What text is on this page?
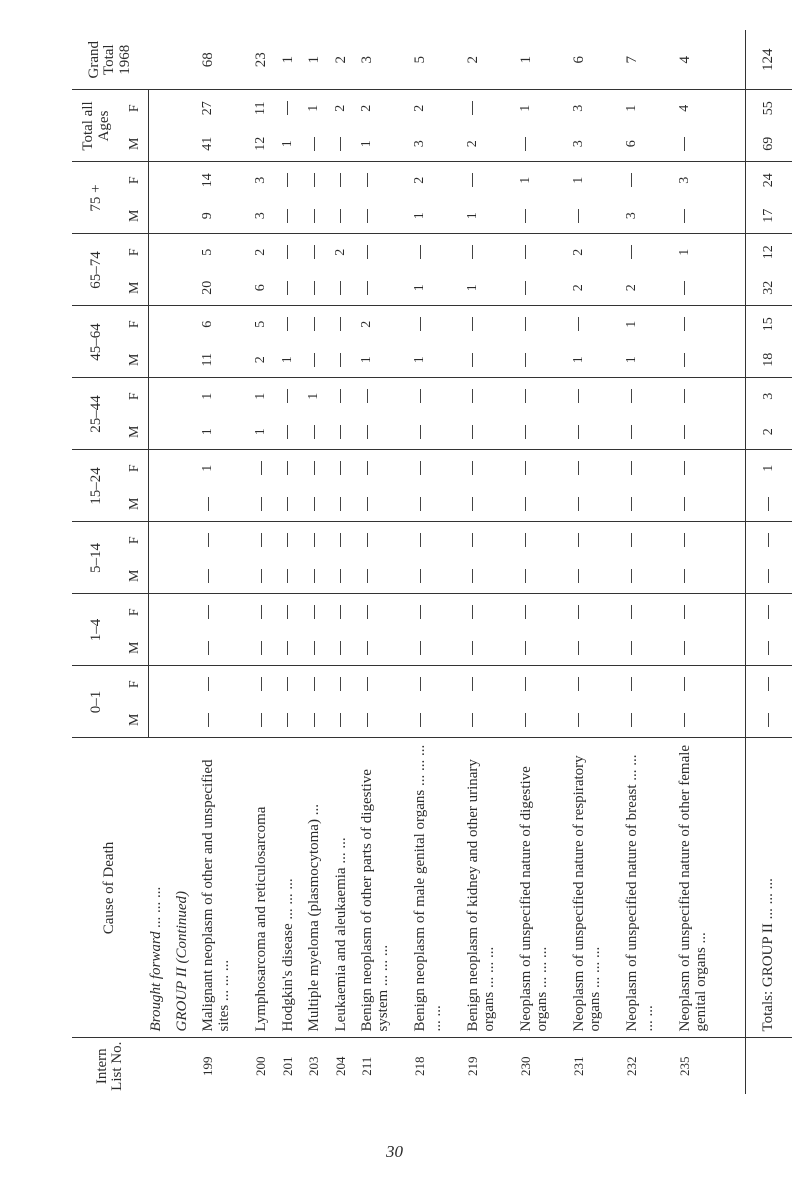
Intern List No.	Cause of Death	0–1		1–4		5–14		15–24		25–44		45–64		65–74		75 +		Total all Ages		Grand Total 1968
		M	F	M	F	M	F	M	F	M	F	M	F	M	F	M	F	M	F	
	Brought forward ... ... ...																			
	GROUP II (Continued)																			
199	Malignant neoplasm of other and unspecified sites ... ... ...								1	1	1	11	6	20	5	9	14	41	27	68
200	Lymphosarcoma and reticulosarcoma									1	1	2	5	6	2	3	3	12	11	23
201	Hodgkin's disease ... ... ...											1						1		1
203	Multiple myeloma (plasmocytoma) ...										1								1	1
204	Leukaemia and aleukaemia ... ...														2				2	2
211	Benign neoplasm of other parts of digestive system ... ... ...											1	2					1	2	3
218	Benign neoplasm of male genital organs ... ... ... ... ...											1		1		1	2	3	2	5
219	Benign neoplasm of kidney and other urinary organs ... ... ...													1		1		2		2
230	Neoplasm of unspecified nature of digestive organs ... ... ...																1		1	1
231	Neoplasm of unspecified nature of respiratory organs ... ... ...											1		2	2		1	3	3	6
232	Neoplasm of unspecified nature of breast ... ... ... ...											1	1	2		3		6	1	7
235	Neoplasm of unspecified nature of other female genital organs ...														1		3		4	4

	Totals: GROUP II ... ... ...								1	2	3	18	15	32	12	17	24	69	55	124
30
